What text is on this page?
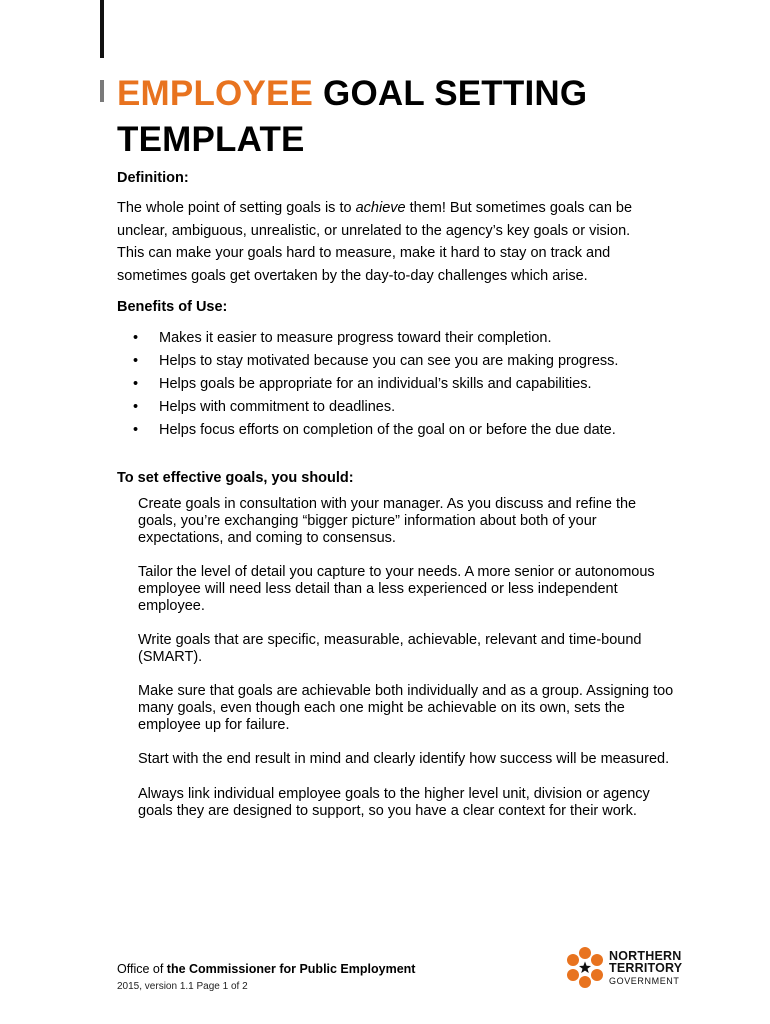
EMPLOYEE GOAL SETTING
TEMPLATE
Definition:

The whole point of setting goals is to achieve them! But sometimes goals can be unclear, ambiguous, unrealistic, or unrelated to the agency’s key goals or vision. This can make your goals hard to measure, make it hard to stay on track and sometimes goals get overtaken by the day-to-day challenges which arise.

Benefits of Use:
• Makes it easier to measure progress toward their completion.
• Helps to stay motivated because you can see you are making progress.
• Helps goals be appropriate for an individual’s skills and capabilities.
• Helps with commitment to deadlines.
• Helps focus efforts on completion of the goal on or before the due date.
To set effective goals, you should:

Create goals in consultation with your manager. As you discuss and refine the goals, you’re exchanging “bigger picture” information about both of your expectations, and coming to consensus.

Tailor the level of detail you capture to your needs. A more senior or autonomous employee will need less detail than a less experienced or less independent employee.

Write goals that are specific, measurable, achievable, relevant and time-bound (SMART).

Make sure that goals are achievable both individually and as a group. Assigning too many goals, even though each one might be achievable on its own, sets the employee up for failure.

Start with the end result in mind and clearly identify how success will be measured.

Always link individual employee goals to the higher level unit, division or agency goals they are designed to support, so you have a clear context for their work.

Office of the Commissioner for Public Employment
2015, version 1.1 Page 1 of 2
NORTHERN
TERRITORY
GOVERNMENT
